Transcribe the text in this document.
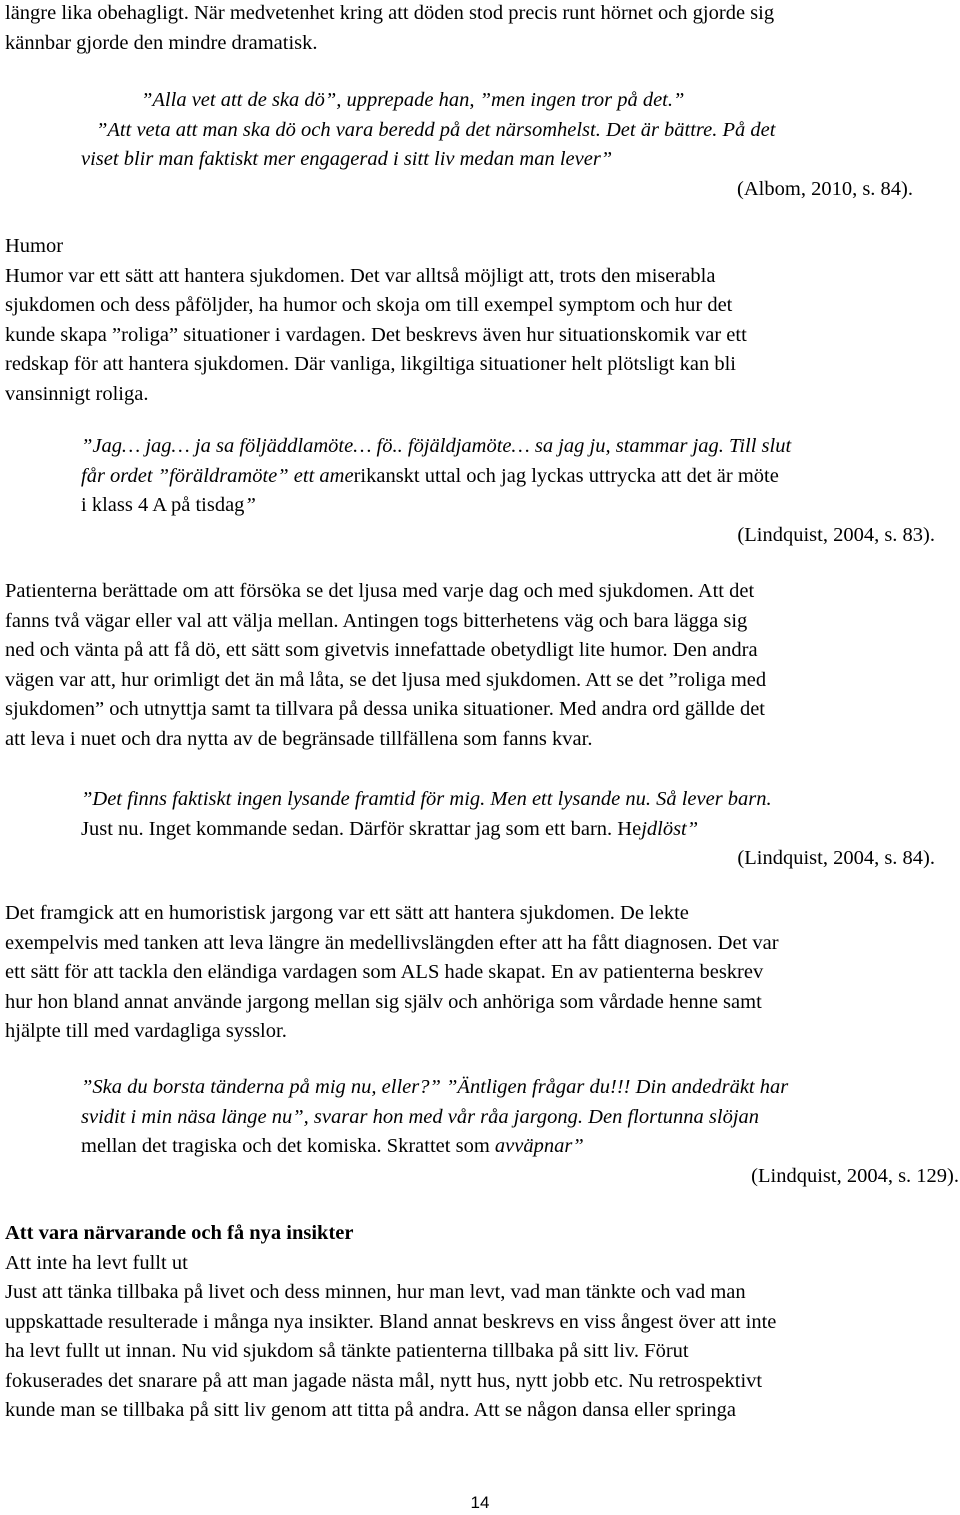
längre lika obehagligt. När medvetenhet kring att döden stod precis runt hörnet och gjorde sig
kännbar gjorde den mindre dramatisk.

”Alla vet att de ska dö”, upprepade han, ”men ingen tror på det.”
”Att veta att man ska dö och vara beredd på det närsomhelst. Det är bättre. På det
viset blir man faktiskt mer engagerad i sitt liv medan man lever”
(Albom, 2010, s. 84).

Humor
Humor var ett sätt att hantera sjukdomen. Det var alltså möjligt att, trots den miserabla
sjukdomen och dess påföljder, ha humor och skoja om till exempel symptom och hur det
kunde skapa ”roliga” situationer i vardagen. Det beskrevs även hur situationskomik var ett
redskap för att hantera sjukdomen. Där vanliga, likgiltiga situationer helt plötsligt kan bli
vansinnigt roliga.

”Jag… jag… ja sa följäddlamöte… fö.. föjäldjamöte… sa jag ju, stammar jag. Till slut
får ordet ”föräldramöte” ett amerikanskt uttal och jag lyckas uttrycka att det är möte
i klass 4 A på tisdag”
(Lindquist, 2004, s. 83).

Patienterna berättade om att försöka se det ljusa med varje dag och med sjukdomen. Att det
fanns två vägar eller val att välja mellan. Antingen togs bitterhetens väg och bara lägga sig
ned och vänta på att få dö, ett sätt som givetvis innefattade obetydligt lite humor. Den andra
vägen var att, hur orimligt det än må låta, se det ljusa med sjukdomen. Att se det ”roliga med
sjukdomen” och utnyttja samt ta tillvara på dessa unika situationer. Med andra ord gällde det
att leva i nuet och dra nytta av de begränsade tillfällena som fanns kvar.

”Det finns faktiskt ingen lysande framtid för mig. Men ett lysande nu. Så lever barn.
Just nu. Inget kommande sedan. Därför skrattar jag som ett barn. Hejdlöst”
(Lindquist, 2004, s. 84).

Det framgick att en humoristisk jargong var ett sätt att hantera sjukdomen. De lekte
exempelvis med tanken att leva längre än medellivslängden efter att ha fått diagnosen. Det var
ett sätt för att tackla den eländiga vardagen som ALS hade skapat. En av patienterna beskrev
hur hon bland annat använde jargong mellan sig själv och anhöriga som vårdade henne samt
hjälpte till med vardagliga sysslor.

”Ska du borsta tänderna på mig nu, eller?” ”Äntligen frågar du!!! Din andedräkt har
svidit i min näsa länge nu”, svarar hon med vår råa jargong. Den flortunna slöjan
mellan det tragiska och det komiska. Skrattet som avväpnar”
(Lindquist, 2004, s. 129).

Att vara närvarande och få nya insikter
Att inte ha levt fullt ut
Just att tänka tillbaka på livet och dess minnen, hur man levt, vad man tänkte och vad man
uppskattade resulterade i många nya insikter. Bland annat beskrevs en viss ångest över att inte
ha levt fullt ut innan. Nu vid sjukdom så tänkte patienterna tillbaka på sitt liv. Förut
fokuserades det snarare på att man jagade nästa mål, nytt hus, nytt jobb etc. Nu retrospektivt
kunde man se tillbaka på sitt liv genom att titta på andra. Att se någon dansa eller springa

14
